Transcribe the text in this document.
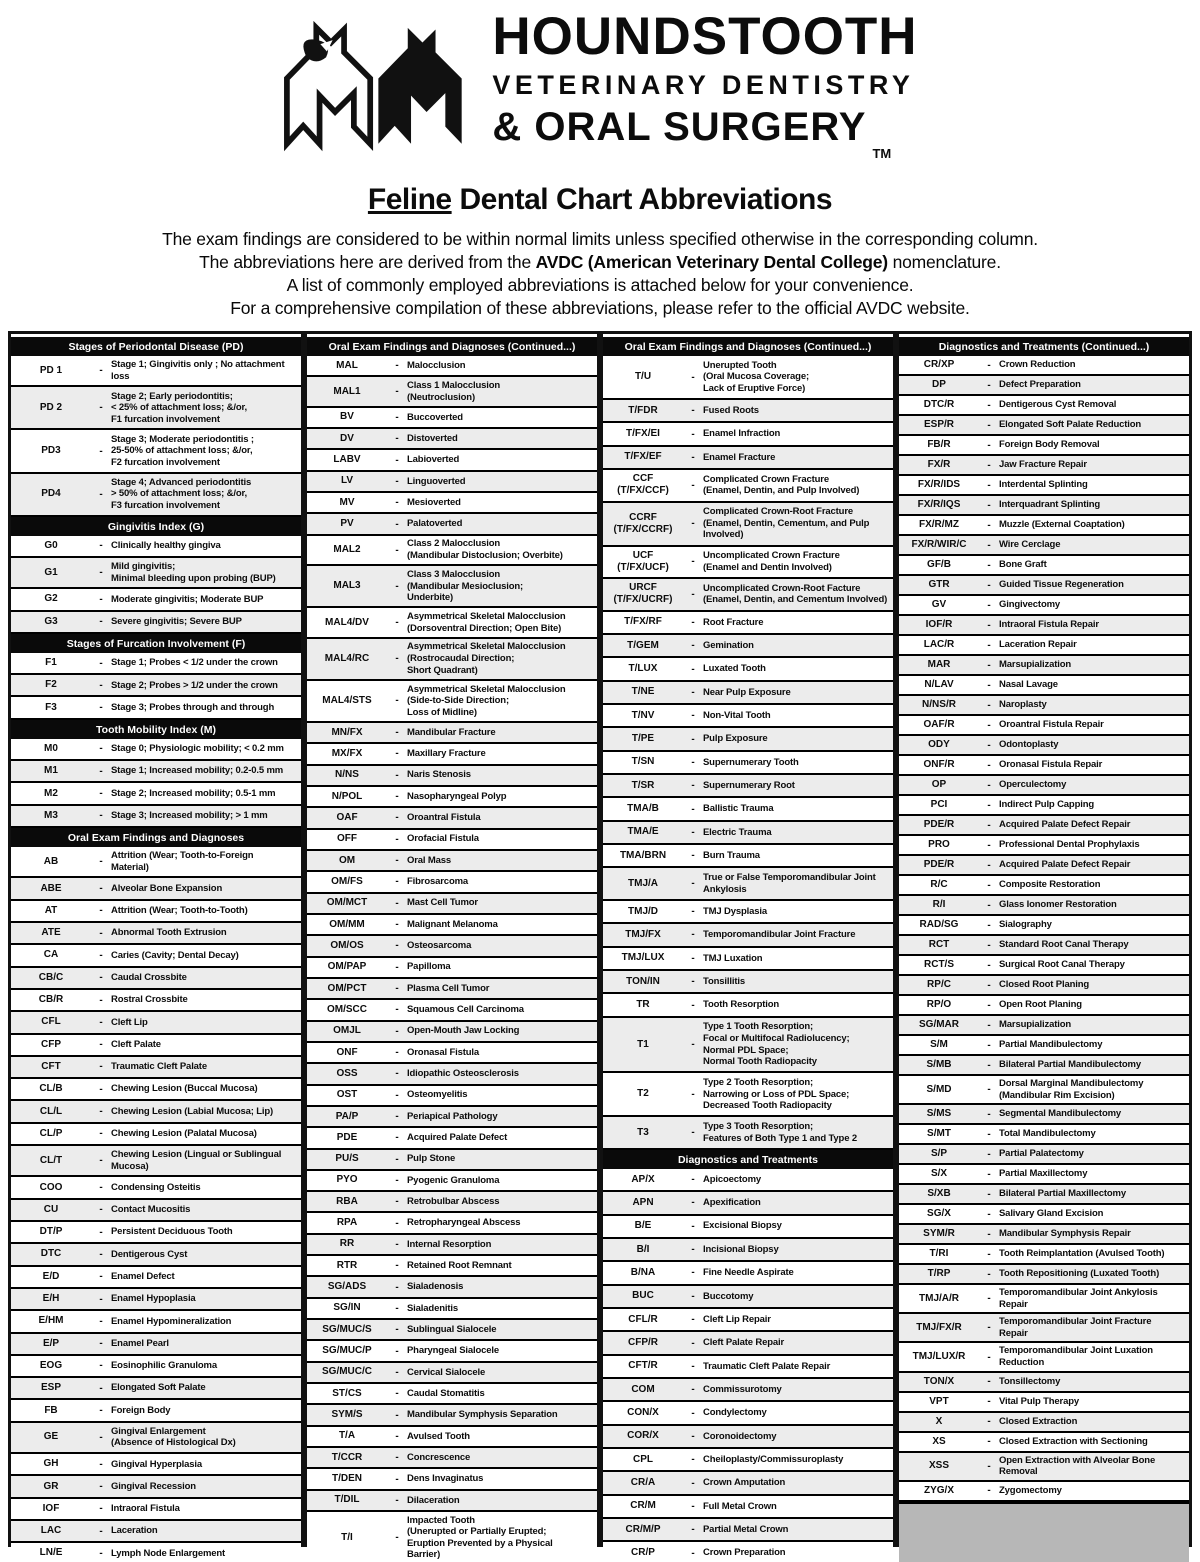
HOUNDSTOOTH
VETERINARY DENTISTRY
& ORAL $SURGERY_{TM}$
Feline Dental Chart Abbreviations
The exam findings are considered to be within normal limits unless specified otherwise in the corresponding column.
The abbreviations here are derived from the AVDC (American Veterinary Dental College) nomenclature.
A list of commonly employed abbreviations is attached below for your convenience.
For a comprehensive compilation of these abbreviations, please refer to the official AVDC website.
Stages of Periodontal Disease (PD)
PD 1	-
Stage 1; Gingivitis only ; No attachment loss
PD 2	-
Stage 2; Early periodontitis;
< 25% of attachment loss; &/or,
F1 furcation involvement
PD3	-
Stage 3; Moderate periodontitis ;
25-50% of attachment loss; &/or,
F2 furcation involvement
PD4	-
Stage 4; Advanced periodontitis
> 50% of attachment loss; &/or,
F3 furcation involvement
Gingivitis Index (G)
G0	- Clinically healthy gingiva
G1	-
Mild gingivitis;
Minimal bleeding upon probing (BUP)
G2	- Moderate gingivitis; Moderate BUP
G3	- Severe gingivitis; Severe BUP
Stages of Furcation Involvement (F)
F1	- Stage 1; Probes < 1/2 under the crown
F2	- Stage 2; Probes > 1/2 under the crown
F3	- Stage 3; Probes through and through
Tooth Mobility Index (M)
M0	- Stage 0; Physiologic mobility; < 0.2 mm
M1	- Stage 1; Increased mobility; 0.2-0.5 mm
M2	- Stage 2; Increased mobility; 0.5-1 mm
M3	- Stage 3; Increased mobility; > 1 mm
Oral Exam Findings and Diagnoses
AB	-
Attrition (Wear; Tooth-to-Foreign
Material)
ABE	- Alveolar Bone Expansion
AT	- Attrition (Wear; Tooth-to-Tooth)
ATE	- Abnormal Tooth Extrusion
CA	- Caries (Cavity; Dental Decay)
CB/C	- Caudal Crossbite
CB/R	- Rostral Crossbite
CFL	- Cleft Lip
CFP	- Cleft Palate
CFT	- Traumatic Cleft Palate
CL/B	- Chewing Lesion (Buccal Mucosa)
CL/L	- Chewing Lesion (Labial Mucosa; Lip)
CL/P	- Chewing Lesion (Palatal Mucosa)
CL/T	-
Chewing Lesion (Lingual or Sublingual
Mucosa)
COO	- Condensing Osteitis
CU	- Contact Mucositis
DT/P	- Persistent Deciduous Tooth
DTC	- Dentigerous Cyst
E/D	- Enamel Defect
E/H	- Enamel Hypoplasia
E/HM	- Enamel Hypomineralization
E/P	- Enamel Pearl
EOG	- Eosinophilic Granuloma
ESP	- Elongated Soft Palate
FB	- Foreign Body
GE	-
Gingival Enlargement
(Absence of Histological Dx)
GH	- Gingival Hyperplasia
GR	- Gingival Recession
IOF	- Intraoral Fistula
LAC	- Laceration
LN/E	- Lymph Node Enlargement
Oral Exam Findings and Diagnoses (Continued...)
MAL	- Malocclusion
MAL1	-
Class 1 Malocclusion
(Neutroclusion)
BV	- Buccoverted
DV	- Distoverted
LABV	- Labioverted
LV	- Linguoverted
MV	- Mesioverted
PV	- Palatoverted
MAL2	-
Class 2 Malocclusion
(Mandibular Distoclusion; Overbite)
MAL3	-
Class 3 Malocclusion
(Mandibular Mesioclusion;
Underbite)
MAL4/DV	-
Asymmetrical Skeletal Malocclusion
(Dorsoventral Direction; Open Bite)
MAL4/RC	-
Asymmetrical Skeletal Malocclusion
(Rostrocaudal Direction;
Short Quadrant)
MAL4/STS	-
Asymmetrical Skeletal Malocclusion
(Side-to-Side Direction;
Loss of Midline)
MN/FX	- Mandibular Fracture
MX/FX	- Maxillary Fracture
N/NS	- Naris Stenosis
N/POL	- Nasopharyngeal Polyp
OAF	- Oroantral Fistula
OFF	- Orofacial Fistula
OM	- Oral Mass
OM/FS	- Fibrosarcoma
OM/MCT	- Mast Cell Tumor
OM/MM	- Malignant Melanoma
OM/OS	- Osteosarcoma
OM/PAP	- Papilloma
OM/PCT	- Plasma Cell Tumor
OM/SCC	- Squamous Cell Carcinoma
OMJL	- Open-Mouth Jaw Locking
ONF	- Oronasal Fistula
OSS	- Idiopathic Osteosclerosis
OST	- Osteomyelitis
PA/P	- Periapical Pathology
PDE	- Acquired Palate Defect
PU/S	- Pulp Stone
PYO	- Pyogenic Granuloma
RBA	- Retrobulbar Abscess
RPA	- Retropharyngeal Abscess
RR	- Internal Resorption
RTR	- Retained Root Remnant
SG/ADS	- Sialadenosis
SG/IN	- Sialadenitis
SG/MUC/S	- Sublingual Sialocele
SG/MUC/P	- Pharyngeal Sialocele
SG/MUC/C	- Cervical Sialocele
ST/CS	- Caudal Stomatitis
SYM/S	- Mandibular Symphysis Separation
T/A	- Avulsed Tooth
T/CCR	- Concrescence
T/DEN	- Dens Invaginatus
T/DIL	- Dilaceration
T/I	-
Impacted Tooth
(Unerupted or Partially Erupted;
Eruption Prevented by a Physical
Barrier)
Oral Exam Findings and Diagnoses (Continued...)
T/U	-
Unerupted Tooth
(Oral Mucosa Coverage;
Lack of Eruptive Force)
T/FDR	- Fused Roots
T/FX/EI	- Enamel Infraction
T/FX/EF	- Enamel Fracture
CCF
(T/FX/CCF)	-
Complicated Crown Fracture
(Enamel, Dentin, and Pulp Involved)
CCRF
(T/FX/CCRF)	-
Complicated Crown-Root Fracture
(Enamel, Dentin, Cementum, and Pulp
Involved)
UCF
(T/FX/UCF)	-
Uncomplicated Crown Fracture
(Enamel and Dentin Involved)
URCF
(T/FX/UCRF)	-
Uncomplicated Crown-Root Facture
(Enamel, Dentin, and Cementum Involved)
T/FX/RF	- Root Fracture
T/GEM	- Gemination
T/LUX	- Luxated Tooth
T/NE	- Near Pulp Exposure
T/NV	- Non-Vital Tooth
T/PE	- Pulp Exposure
T/SN	- Supernumerary Tooth
T/SR	- Supernumerary Root
TMA/B	- Ballistic Trauma
TMA/E	- Electric Trauma
TMA/BRN	- Burn Trauma
TMJ/A	-
True or False Temporomandibular Joint
Ankylosis
TMJ/D	- TMJ Dysplasia
TMJ/FX	- Temporomandibular Joint Fracture
TMJ/LUX	- TMJ Luxation
TON/IN	- Tonsillitis
TR	- Tooth Resorption
T1	-
Type 1 Tooth Resorption;
Focal or Multifocal Radiolucency;
Normal PDL Space;
Normal Tooth Radiopacity
T2	-
Type 2 Tooth Resorption;
Narrowing or Loss of PDL Space;
Decreased Tooth Radiopacity
T3	-
Type 3 Tooth Resorption;
Features of Both Type 1 and Type 2
Diagnostics and Treatments
AP/X	- Apicoectomy
APN	- Apexification
B/E	- Excisional Biopsy
B/I	- Incisional Biopsy
B/NA	- Fine Needle Aspirate
BUC	- Buccotomy
CFL/R	- Cleft Lip Repair
CFP/R	- Cleft Palate Repair
CFT/R	- Traumatic Cleft Palate Repair
COM	- Commissurotomy
CON/X	- Condylectomy
COR/X	- Coronoidectomy
CPL	- Cheiloplasty/Commissuroplasty
CR/A	- Crown Amputation
CR/M	- Full Metal Crown
CR/M/P	- Partial Metal Crown
CR/P	- Crown Preparation
Diagnostics and Treatments (Continued...)
CR/XP	- Crown Reduction
DP	- Defect Preparation
DTC/R	- Dentigerous Cyst Removal
ESP/R	- Elongated Soft Palate Reduction
FB/R	- Foreign Body Removal
FX/R	- Jaw Fracture Repair
FX/R/IDS	- Interdental Splinting
FX/R/IQS	- Interquadrant Splinting
FX/R/MZ	- Muzzle (External Coaptation)
FX/R/WIR/C	- Wire Cerclage
GF/B	- Bone Graft
GTR	- Guided Tissue Regeneration
GV	- Gingivectomy
IOF/R	- Intraoral Fistula Repair
LAC/R	- Laceration Repair
MAR	- Marsupialization
N/LAV	- Nasal Lavage
N/NS/R	- Naroplasty
OAF/R	- Oroantral Fistula Repair
ODY	- Odontoplasty
ONF/R	- Oronasal Fistula Repair
OP	- Operculectomy
PCI	- Indirect Pulp Capping
PDE/R	- Acquired Palate Defect Repair
PRO	- Professional Dental Prophylaxis
PDE/R	- Acquired Palate Defect Repair
R/C	- Composite Restoration
R/I	- Glass Ionomer Restoration
RAD/SG	- Sialography
RCT	- Standard Root Canal Therapy
RCT/S	- Surgical Root Canal Therapy
RP/C	- Closed Root Planing
RP/O	- Open Root Planing
SG/MAR	- Marsupialization
S/M	- Partial Mandibulectomy
S/MB	- Bilateral Partial Mandibulectomy
S/MD	-
Dorsal Marginal Mandibulectomy
(Mandibular Rim Excision)
S/MS	- Segmental Mandibulectomy
S/MT	- Total Mandibulectomy
S/P	- Partial Palatectomy
S/X	- Partial Maxillectomy
S/XB	- Bilateral Partial Maxillectomy
SG/X	- Salivary Gland Excision
SYM/R	- Mandibular Symphysis Repair
T/RI	- Tooth Reimplantation (Avulsed Tooth)
T/RP	- Tooth Repositioning (Luxated Tooth)
TMJ/A/R	-
Temporomandibular Joint Ankylosis
Repair
TMJ/FX/R	-
Temporomandibular Joint Fracture
Repair
TMJ/LUX/R	-
Temporomandibular Joint Luxation
Reduction
TON/X	- Tonsillectomy
VPT	- Vital Pulp Therapy
X	- Closed Extraction
XS	- Closed Extraction with Sectioning
XSS	-
Open Extraction with Alveolar Bone
Removal
ZYG/X	- Zygomectomy
